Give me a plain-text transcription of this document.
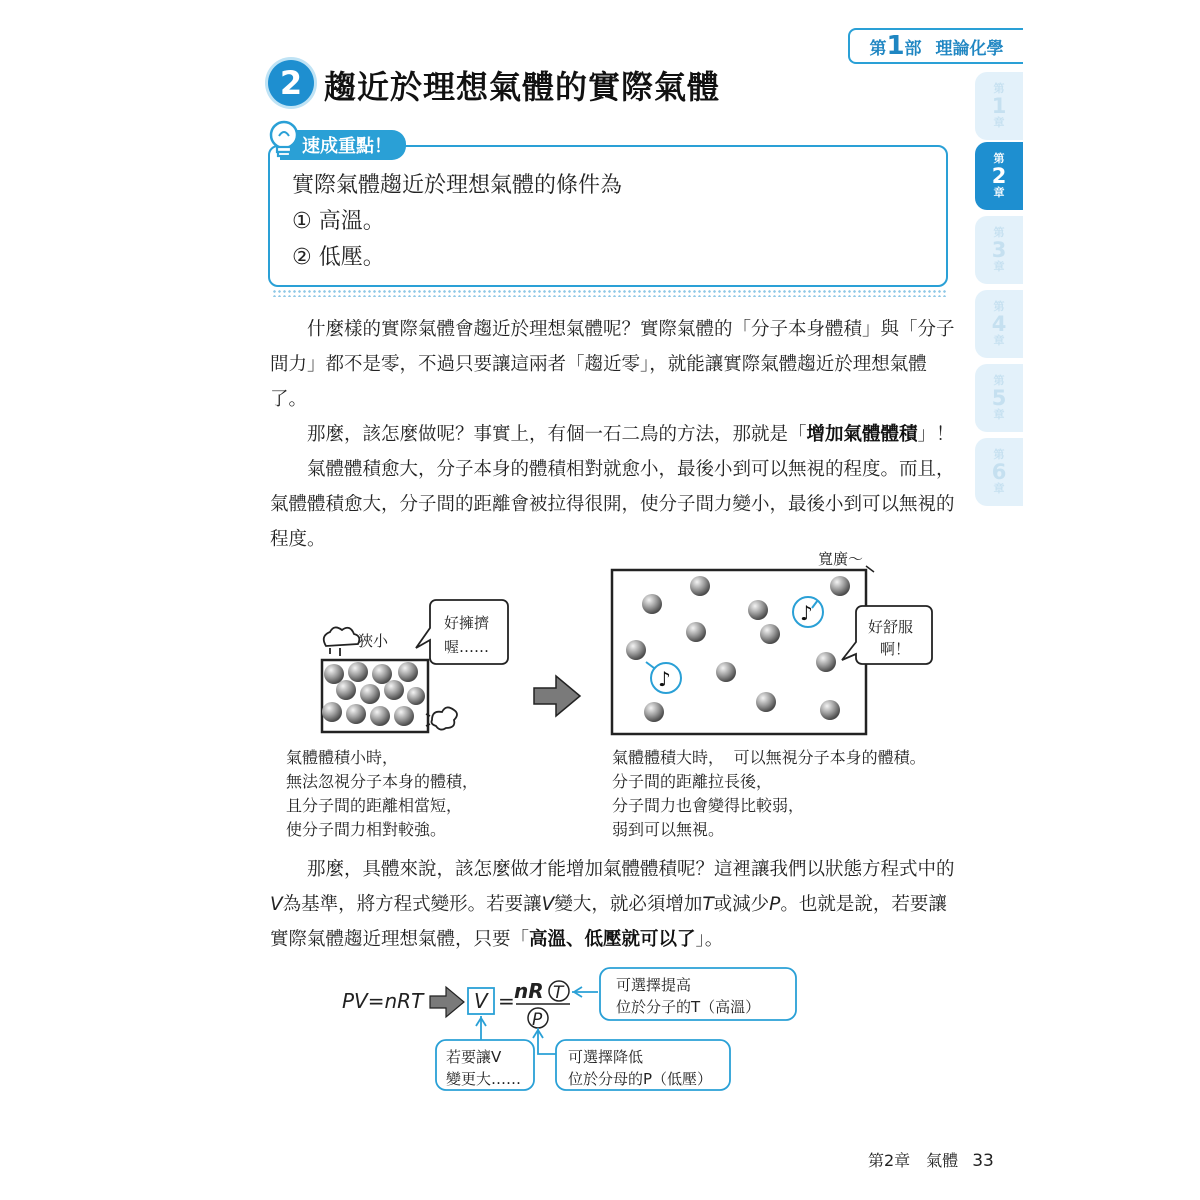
第1部 理論化學
2 趨近於理想氣體的實際氣體
速成重點！
實際氣體趨近於理想氣體的條件為
① 高溫。
② 低壓。
第
1
章
第
2
章
第
3
章
第
4
章
第
5
章
第
6
章

什麼樣的實際氣體會趨近於理想氣體呢？實際氣體的「分子本身體積」與「分子間力」都不是零，不過只要讓這兩者「趨近零」，就能讓實際氣體趨近於理想氣體了。

那麼，該怎麼做呢？事實上，有個一石二鳥的方法，那就是「增加氣體體積」！

氣體體積愈大，分子本身的體積相對就愈小，最後小到可以無視的程度。而且，氣體體積愈大，分子間的距離會被拉得很開，使分子間力變小，最後小到可以無視的程度。

狹小
好擁擠
喔……
♪
♪
寬廣～
好舒服
啊！
氣體體積小時，
無法忽視分子本身的體積，
且分子間的距離相當短，
使分子間力相對較強。
氣體體積大時， 可以無視分子本身的體積。
分子間的距離拉長後，
分子間力也會變得比較弱，
弱到可以無視。

那麼，具體來說，該怎麼做才能增加氣體體積呢？這裡讓我們以狀態方程式中的V為基準，將方程式變形。若要讓V變大，就必須增加T或減少P。也就是說，若要讓實際氣體趨近理想氣體，只要「高溫、低壓就可以了」。

PV=nRT	V = nR T
P
可選擇提高
位於分子的T（高溫）
若要讓V
變更大……
可選擇降低
位於分母的P（低壓）
第2章　氣體 33
